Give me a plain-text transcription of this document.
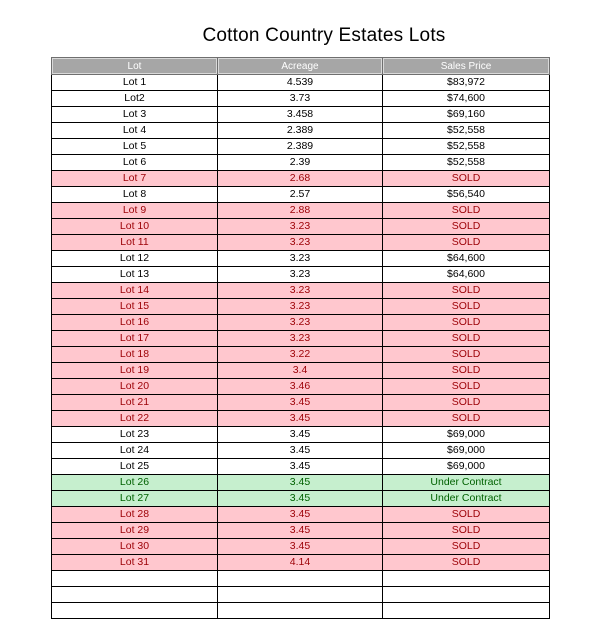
Cotton Country Estates Lots
Lot	Acreage	Sales Price
Lot 1	4.539	$83,972
Lot2	3.73	$74,600
Lot 3	3.458	$69,160
Lot 4	2.389	$52,558
Lot 5	2.389	$52,558
Lot 6	2.39	$52,558
Lot 7	2.68	SOLD
Lot 8	2.57	$56,540
Lot 9	2.88	SOLD
Lot 10	3.23	SOLD
Lot 11	3.23	SOLD
Lot 12	3.23	$64,600
Lot 13	3.23	$64,600
Lot 14	3.23	SOLD
Lot 15	3.23	SOLD
Lot 16	3.23	SOLD
Lot 17	3.23	SOLD
Lot 18	3.22	SOLD
Lot 19	3.4	SOLD
Lot 20	3.46	SOLD
Lot 21	3.45	SOLD
Lot 22	3.45	SOLD
Lot 23	3.45	$69,000
Lot 24	3.45	$69,000
Lot 25	3.45	$69,000
Lot 26	3.45	Under Contract
Lot 27	3.45	Under Contract
Lot 28	3.45	SOLD
Lot 29	3.45	SOLD
Lot 30	3.45	SOLD
Lot 31	4.14	SOLD
